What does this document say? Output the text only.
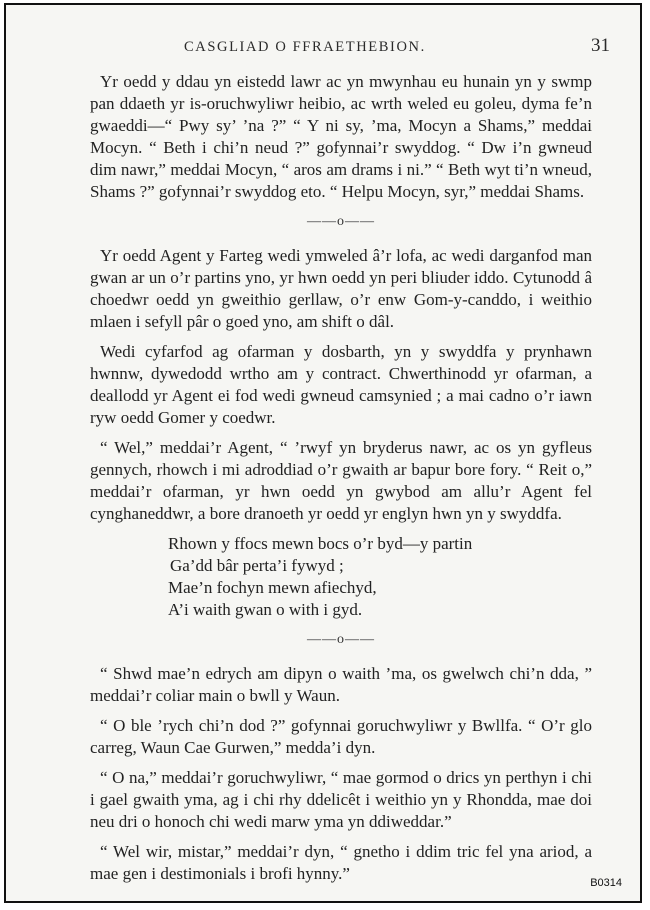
CASGLIAD O FFRAETHEBION.	31

Yr oedd y ddau yn eistedd lawr ac yn mwynhau eu hunain yn y swmp pan ddaeth yr is-oruchwyliwr heibio, ac wrth weled eu goleu, dyma fe’n gwaeddi—“ Pwy sy’ ’na ?” “ Y ni sy, ’ma, Mocyn a Shams,” meddai Mocyn. “ Beth i chi’n neud ?” gofynnai’r swyddog. “ Dw i’n gwneud dim nawr,” meddai Mocyn, “ aros am drams i ni.” “ Beth wyt ti’n wneud, Shams ?” gofynnai’r swyddog eto. “ Helpu Mocyn, syr,” meddai Shams.

——o——

Yr oedd Agent y Farteg wedi ymweled â’r lofa, ac wedi darganfod man gwan ar un o’r partins yno, yr hwn oedd yn peri bliuder iddo. Cytunodd â choedwr oedd yn gweithio gerllaw, o’r enw Gom-y-canddo, i weithio mlaen i sefyll pâr o goed yno, am shift o dâl.

Wedi cyfarfod ag ofarman y dosbarth, yn y swyddfa y prynhawn hwnnw, dywedodd wrtho am y contract. Chwerthinodd yr ofarman, a deallodd yr Agent ei fod wedi gwneud camsynied ; a mai cadno o’r iawn ryw oedd Gomer y coedwr.

“ Wel,” meddai’r Agent, “ ’rwyf yn bryderus nawr, ac os yn gyfleus gennych, rhowch i mi adroddiad o’r gwaith ar bapur bore fory. “ Reit o,” meddai’r ofarman, yr hwn oedd yn gwybod am allu’r Agent fel cynghaneddwr, a bore dranoeth yr oedd yr englyn hwn yn y swyddfa.

Rhown y ffocs mewn bocs o’r byd—y partin
Ga’dd bâr perta’i fywyd ;
Mae’n fochyn mewn afiechyd,
A’i waith gwan o with i gyd.
——o——

“ Shwd mae’n edrych am dipyn o waith ’ma, os gwelwch chi’n dda, ” meddai’r coliar main o bwll y Waun.

“ O ble ’rych chi’n dod ?” gofynnai goruchwyliwr y Bwllfa. “ O’r glo carreg, Waun Cae Gurwen,” medda’i dyn.

“ O na,” meddai’r goruchwyliwr, “ mae gormod o drics yn perthyn i chi i gael gwaith yma, ag i chi rhy ddelicêt i weithio yn y Rhondda, mae doi neu dri o honoch chi wedi marw yma yn ddiweddar.”

“ Wel wir, mistar,” meddai’r dyn, “ gnetho i ddim tric fel yna ariod, a mae gen i destimonials i brofi hynny.”	B0314
